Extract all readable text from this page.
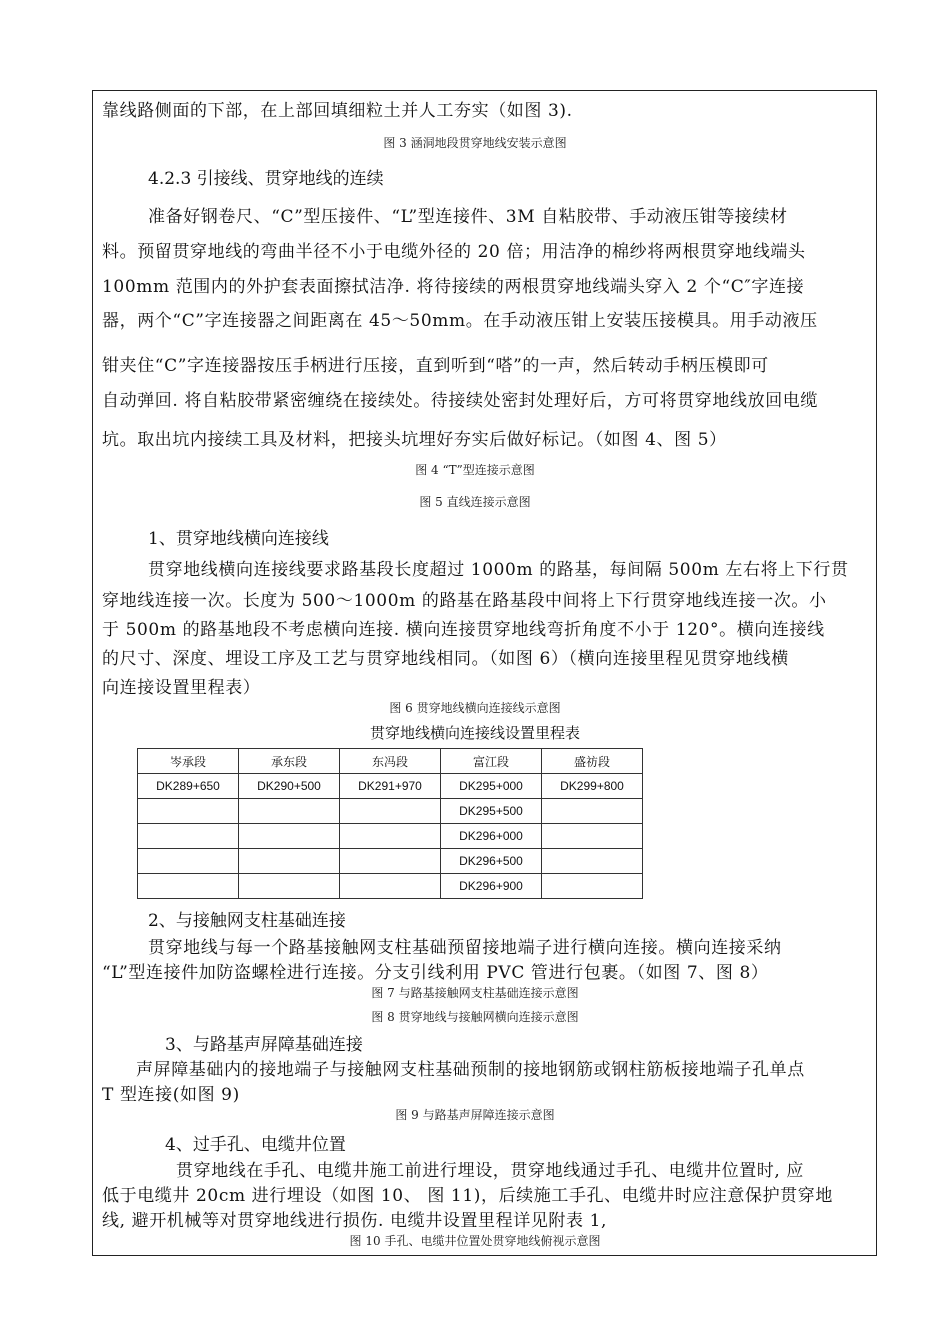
靠线路侧面的下部，在上部回填细粒土并人工夯实（如图 3).
图 3 涵洞地段贯穿地线安装示意图
4.2.3 引接线、贯穿地线的连续
准备好钢卷尺、“C”型压接件、“L”型连接件、3M 自粘胶带、手动液压钳等接续材
料。预留贯穿地线的弯曲半径不小于电缆外径的 20 倍；用洁净的棉纱将两根贯穿地线端头
100mm 范围内的外护套表面擦拭洁净. 将待接续的两根贯穿地线端头穿入 2 个“C″字连接
器，两个“C”字连接器之间距离在 45～50mm。在手动液压钳上安装压接模具。用手动液压
钳夹住“C”字连接器按压手柄进行压接，直到听到“嗒”的一声，然后转动手柄压模即可
自动弹回. 将自粘胶带紧密缠绕在接续处。待接续处密封处理好后，方可将贯穿地线放回电缆
坑。取出坑内接续工具及材料，把接头坑埋好夯实后做好标记。（如图 4、图 5）
图 4 “T”型连接示意图
图 5 直线连接示意图
1、贯穿地线横向连接线
贯穿地线横向连接线要求路基段长度超过 1000m 的路基，每间隔 500m 左右将上下行贯
穿地线连接一次。长度为 500～1000m 的路基在路基段中间将上下行贯穿地线连接一次。小
于 500m 的路基地段不考虑横向连接. 横向连接贯穿地线弯折角度不小于 120°。横向连接线
的尺寸、深度、埋设工序及工艺与贯穿地线相同。（如图 6）（横向连接里程见贯穿地线横
向连接设置里程表）
图 6 贯穿地线横向连接线示意图
贯穿地线横向连接线设置里程表
岑承段	承东段	东冯段	富江段	盛祊段
DK289+650	DK290+500	DK291+970	DK295+000	DK299+800
			DK295+500	
			DK296+000	
			DK296+500	
			DK296+900	
2、与接触网支柱基础连接
贯穿地线与每一个路基接触网支柱基础预留接地端子进行横向连接。横向连接采纳
“L”型连接件加防盗螺栓进行连接。分支引线利用 PVC 管进行包裹。（如图 7、图 8）
图 7 与路基接触网支柱基础连接示意图
图 8 贯穿地线与接触网横向连接示意图
3、与路基声屏障基础连接
声屏障基础内的接地端子与接触网支柱基础预制的接地钢筋或钢柱筋板接地端子孔单点
T 型连接(如图 9)
图 9 与路基声屏障连接示意图
4、过手孔、电缆井位置
贯穿地线在手孔、电缆井施工前进行埋设，贯穿地线通过手孔、电缆井位置时, 应
低于电缆井 20cm 进行埋设（如图 10、 图 11)，后续施工手孔、电缆井时应注意保护贯穿地
线, 避开机械等对贯穿地线进行损伤. 电缆井设置里程详见附表 1,
图 10 手孔、电缆井位置处贯穿地线俯视示意图
